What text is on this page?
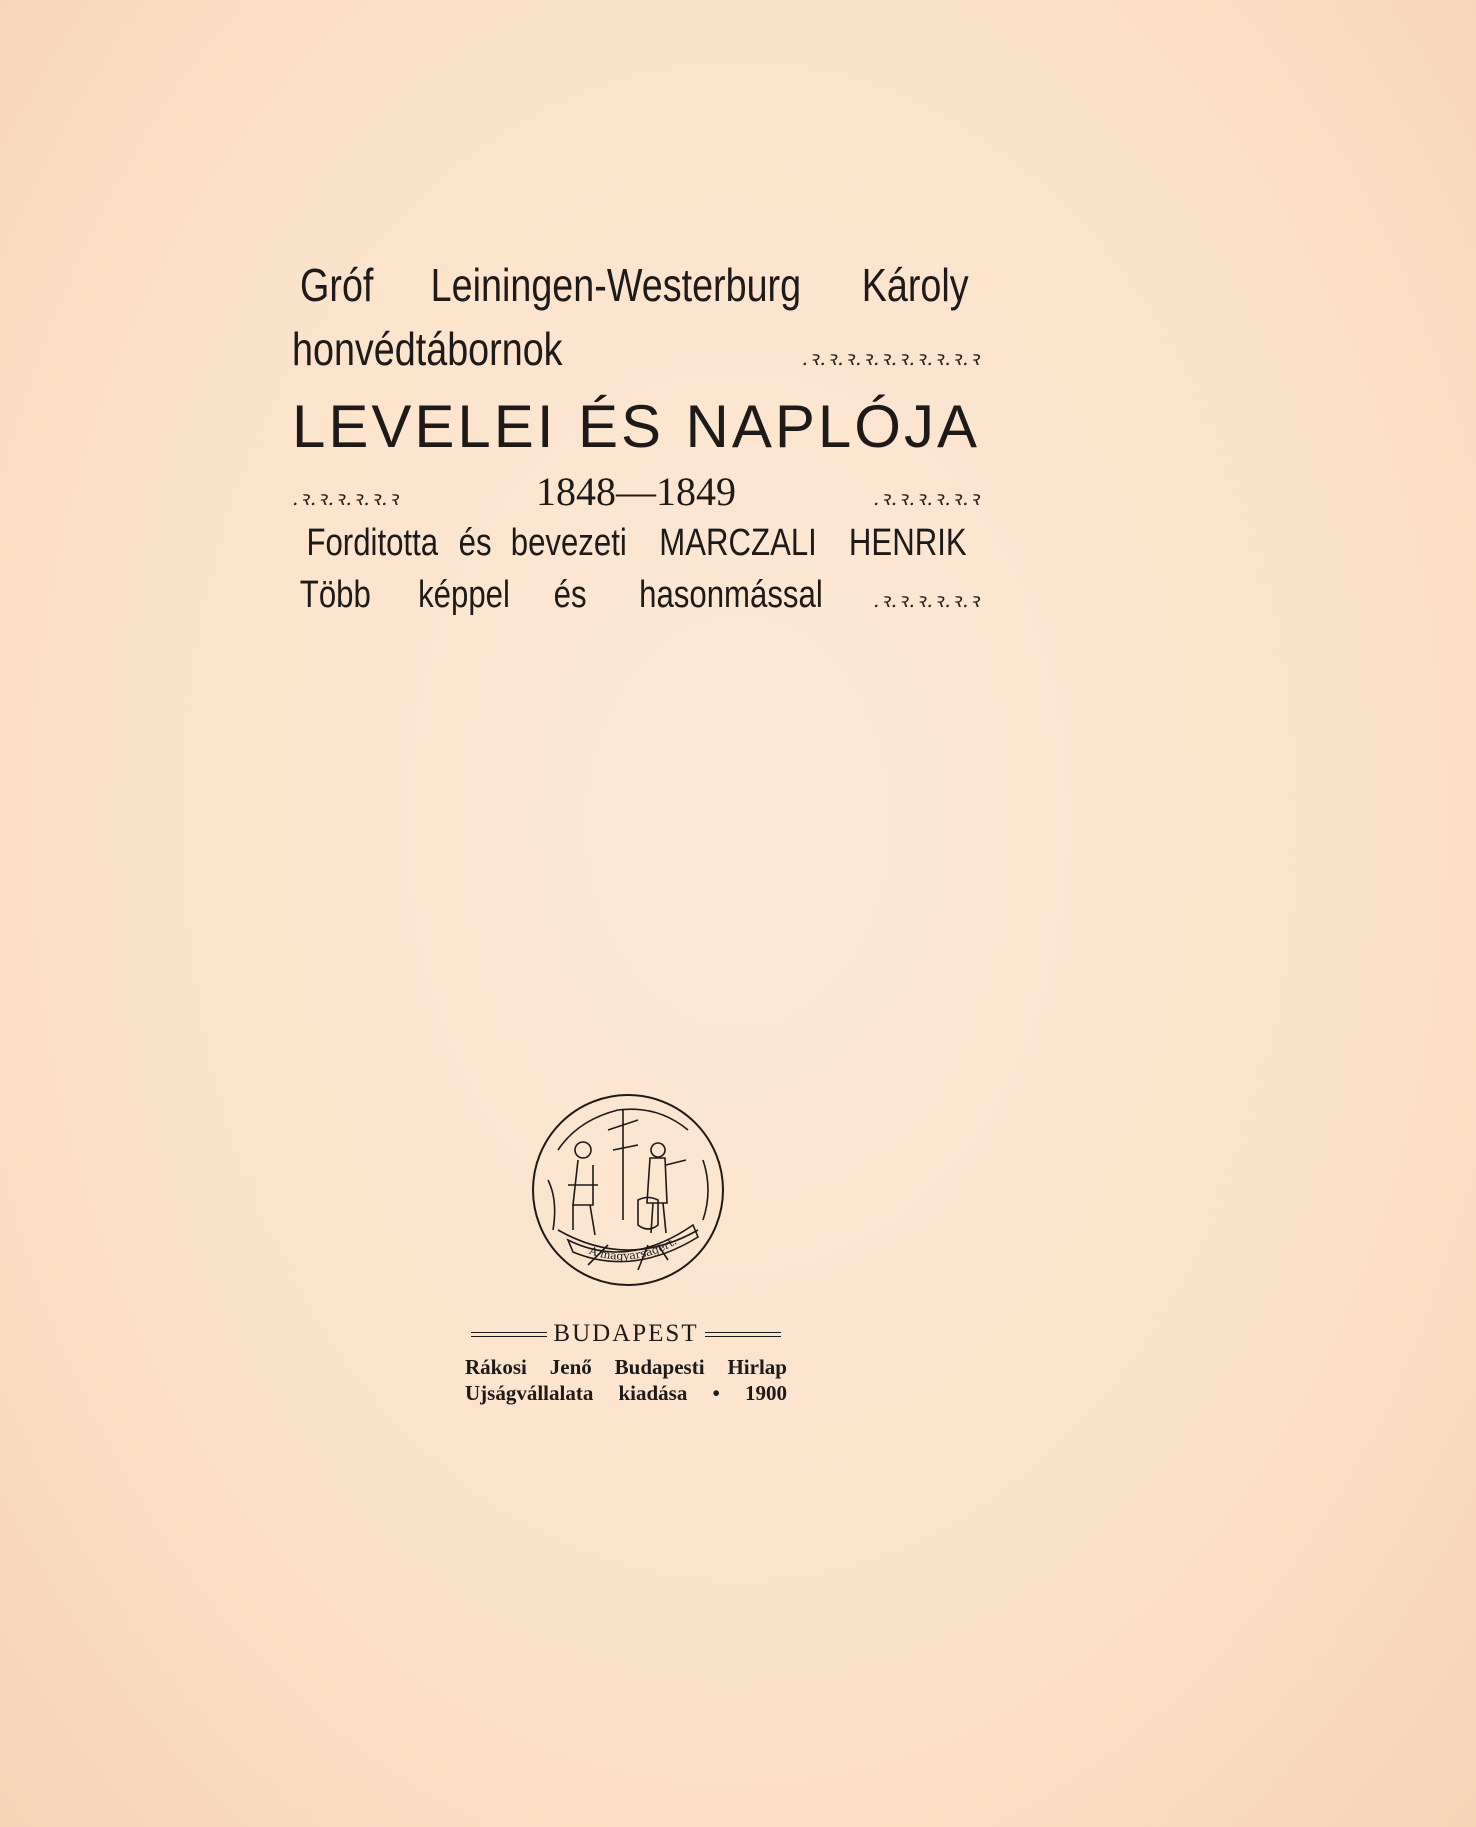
Gróf Leiningen-Westerburg Károly
honvédtábornok	.ꝛ.ꝛ.ꝛ.ꝛ.ꝛ.ꝛ.ꝛ.ꝛ.ꝛ.ꝛ
LEVELEI ÉS NAPLÓJA
.ꝛ.ꝛ.ꝛ.ꝛ.ꝛ.ꝛ	1848—1849	.ꝛ.ꝛ.ꝛ.ꝛ.ꝛ.ꝛ
Forditotta és bevezeti MARCZALI HENRIK
Több képpel és hasonmással .ꝛ.ꝛ.ꝛ.ꝛ.ꝛ.ꝛ
A magyarságért.
BUDAPEST
Rákosi Jenő Budapesti Hirlap
Ujságvállalata kiadása • 1900
